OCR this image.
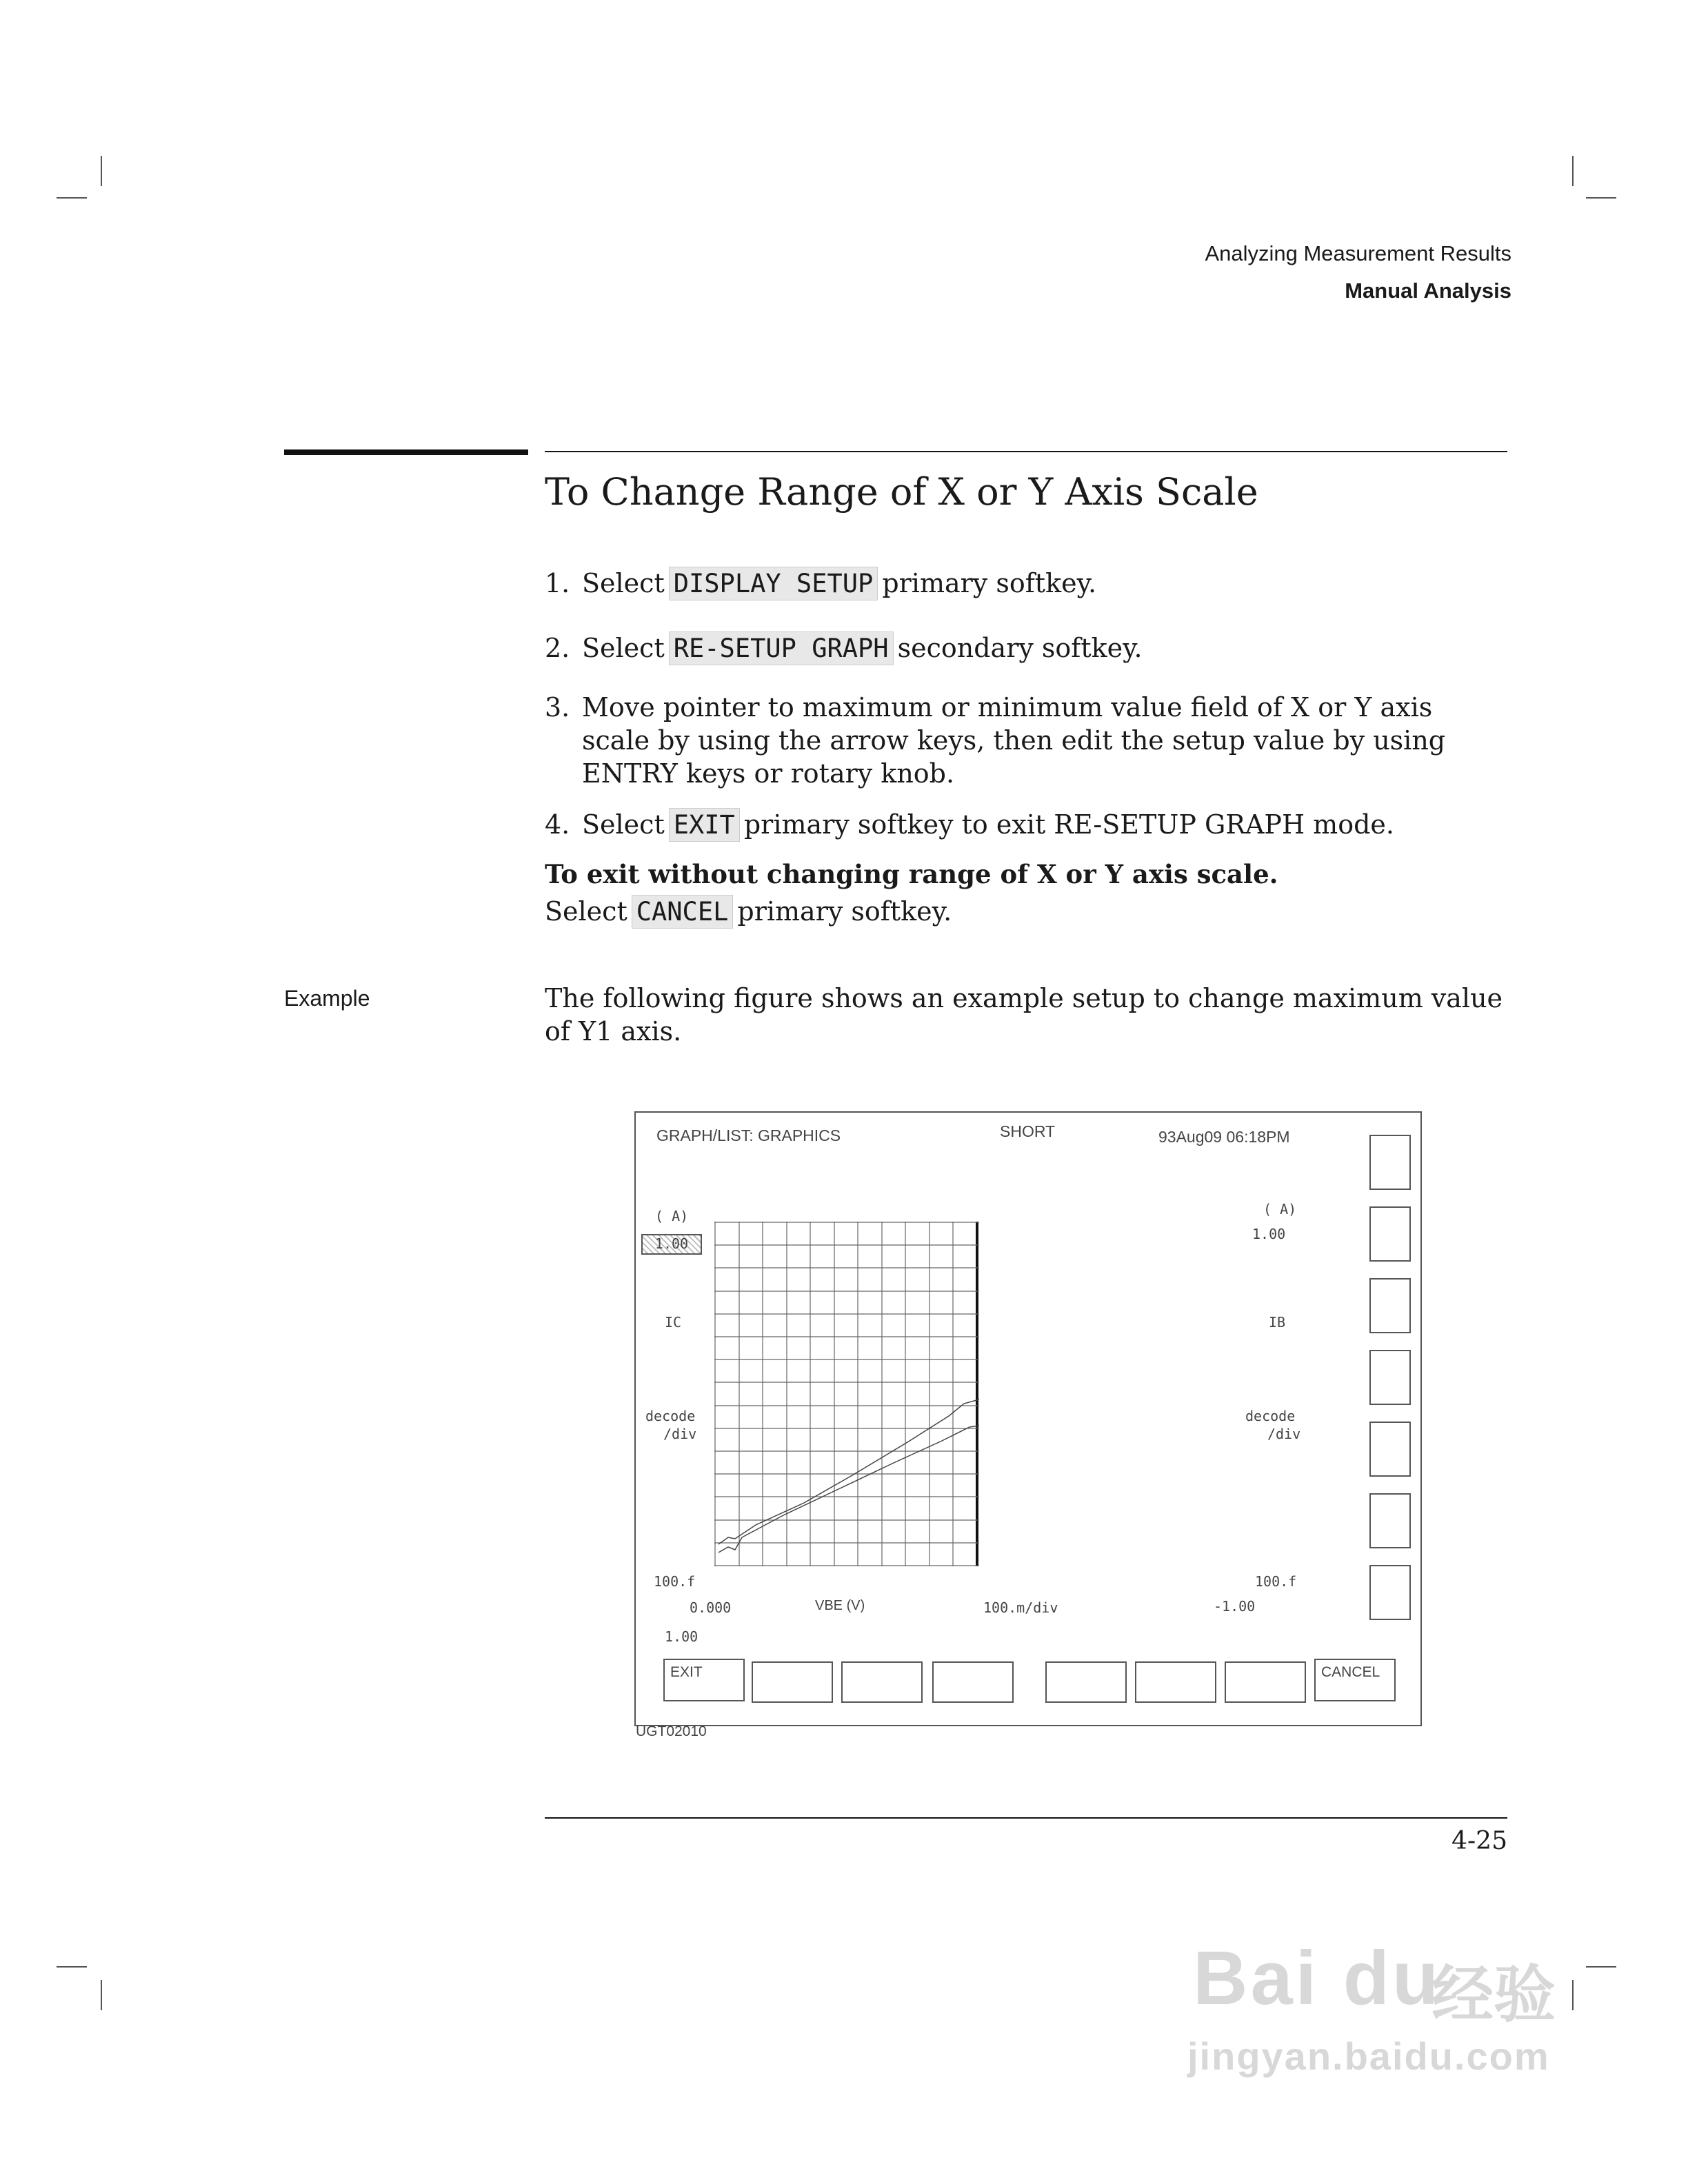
Analyzing Measurement Results
Manual Analysis
To Change Range of X or Y Axis Scale
1. Select DISPLAY SETUP primary softkey.
2. Select RE-SETUP GRAPH secondary softkey.
3. Move pointer to maximum or minimum value field of X or Y axis scale by using the arrow keys, then edit the setup value by using ENTRY keys or rotary knob.
4. Select EXIT primary softkey to exit RE-SETUP GRAPH mode.
To exit without changing range of X or Y axis scale.
Select CANCEL primary softkey.
Example	The following figure shows an example setup to change maximum value of Y1 axis.
GRAPH/LIST: GRAPHICS	SHORT	93Aug09 06:18PM
( A)
1.00
IC
decode
/div
100.f
( A)
1.00
IB
decode
/div
100.f
0.000	VBE (V)	100.m/div	-1.00
1.00
EXIT	CANCEL
UGT02010
4-25
Bai du
经验
jingyan.baidu.com
